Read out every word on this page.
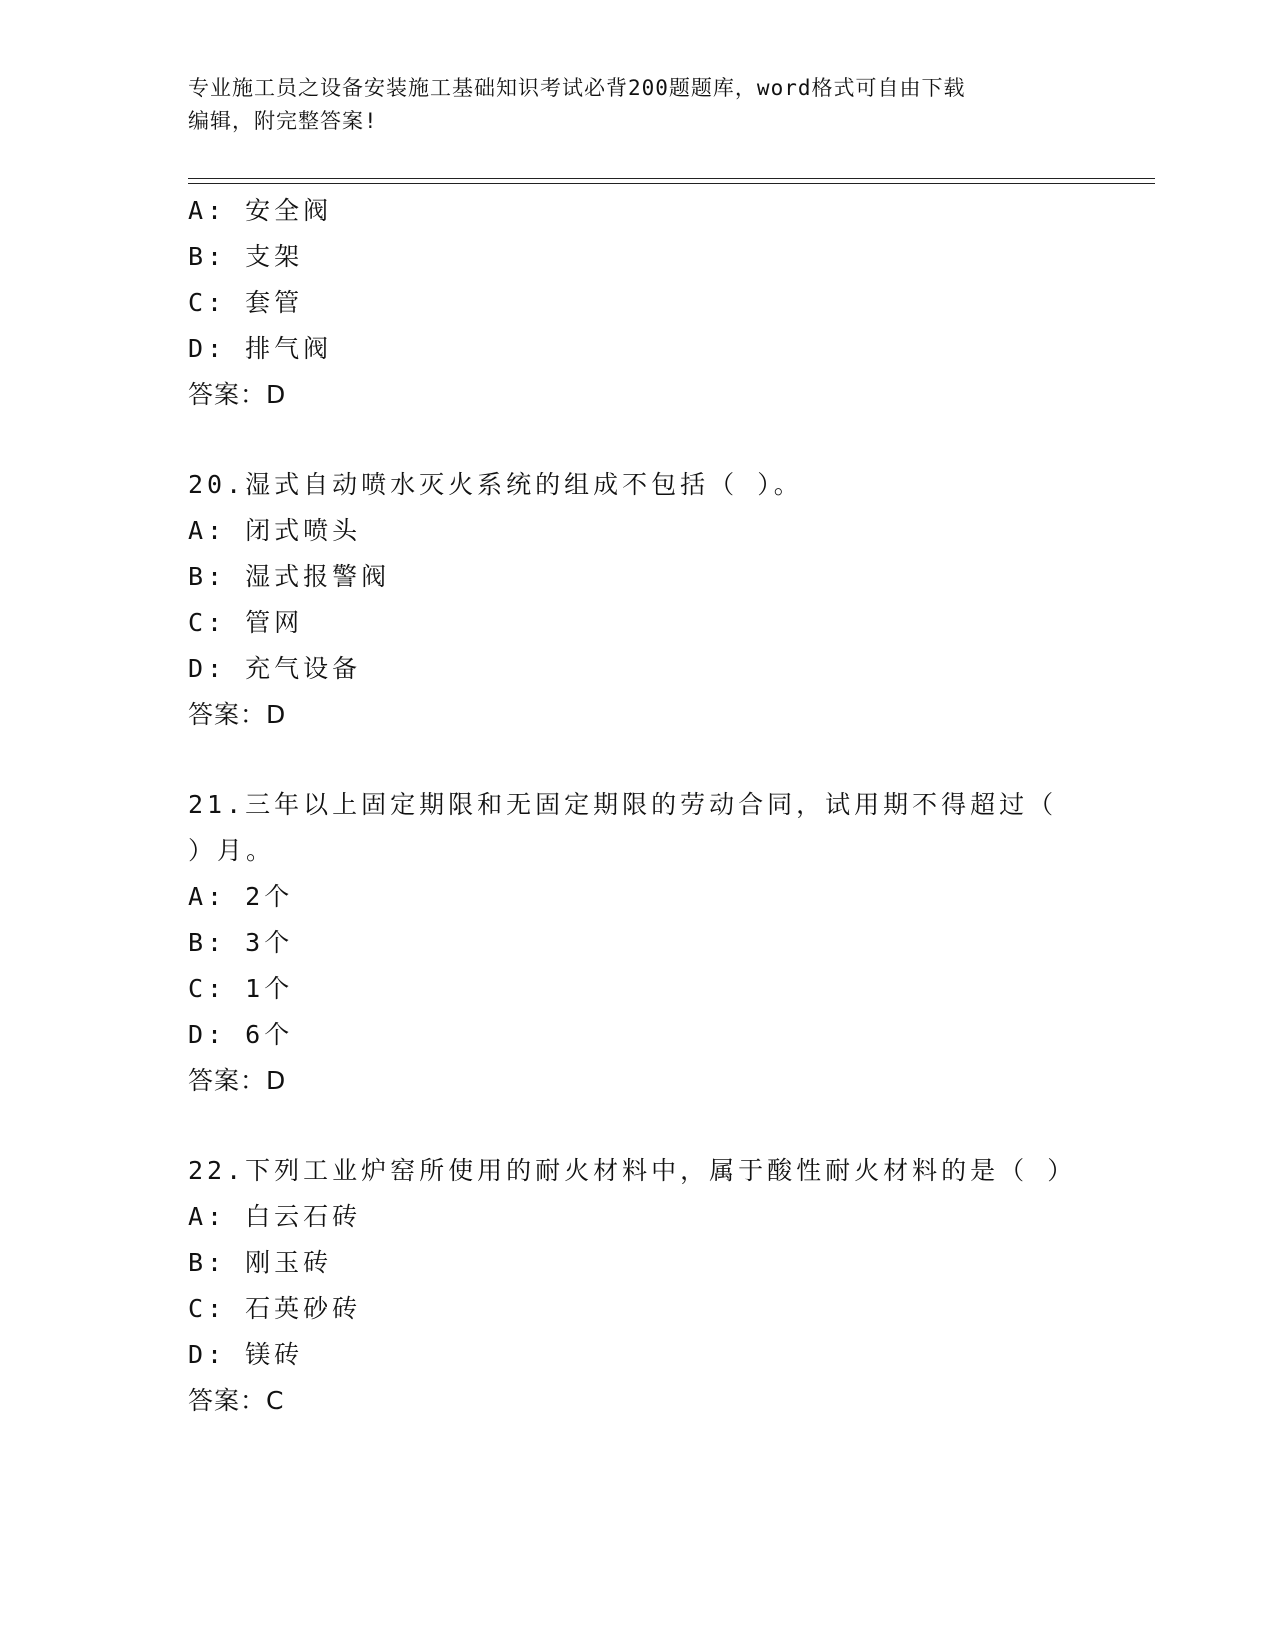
专业施工员之设备安装施工基础知识考试必背200题题库，word格式可自由下载
编辑，附完整答案!
A: 安全阀
B: 支架
C: 套管
D: 排气阀
答案：D
20.湿式自动喷水灭火系统的组成不包括（ ）。
A: 闭式喷头
B: 湿式报警阀
C: 管网
D: 充气设备
答案：D
21.三年以上固定期限和无固定期限的劳动合同，试用期不得超过（
）月。
A: 2个
B: 3个
C: 1个
D: 6个
答案：D
22.下列工业炉窑所使用的耐火材料中，属于酸性耐火材料的是（ ）
A: 白云石砖
B: 刚玉砖
C: 石英砂砖
D: 镁砖
答案：C
